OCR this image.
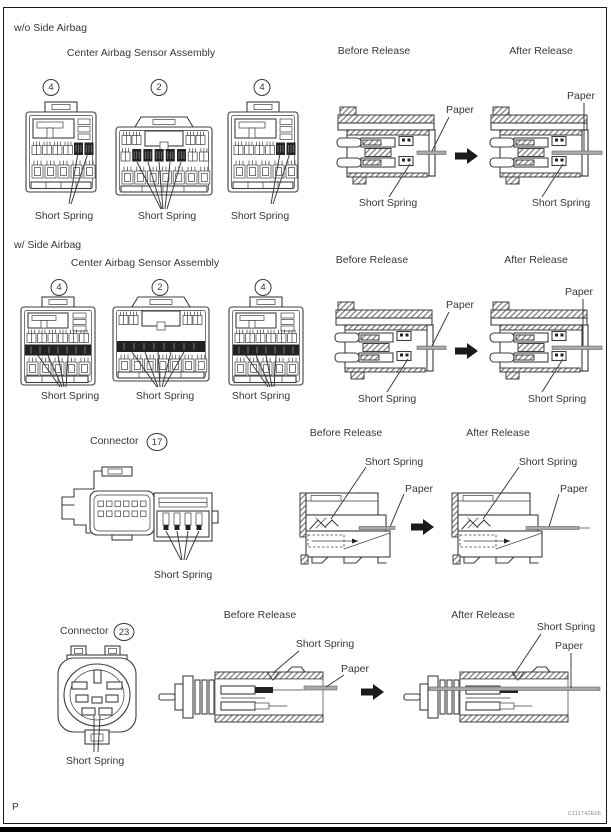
w/o Side Airbag
Center Airbag Sensor Assembly	Before Release	After Release
4	2	4
Short Spring	Short Spring	Short Spring
Short Spring	Short Spring
Paper
Paper
w/ Side Airbag
Center Airbag Sensor Assembly	Before Release	After Release
4	2	4
Short Spring	Short Spring	Short Spring	Short Spring	Short Spring
Paper
Paper
Connector 17
Short Spring
Before Release	After Release
Short Spring	Short Spring
Paper	Paper
Before Release	After Release
Connector 23
Short Spring
Short Spring
Paper
Short Spring
Paper
P
C111742E06
